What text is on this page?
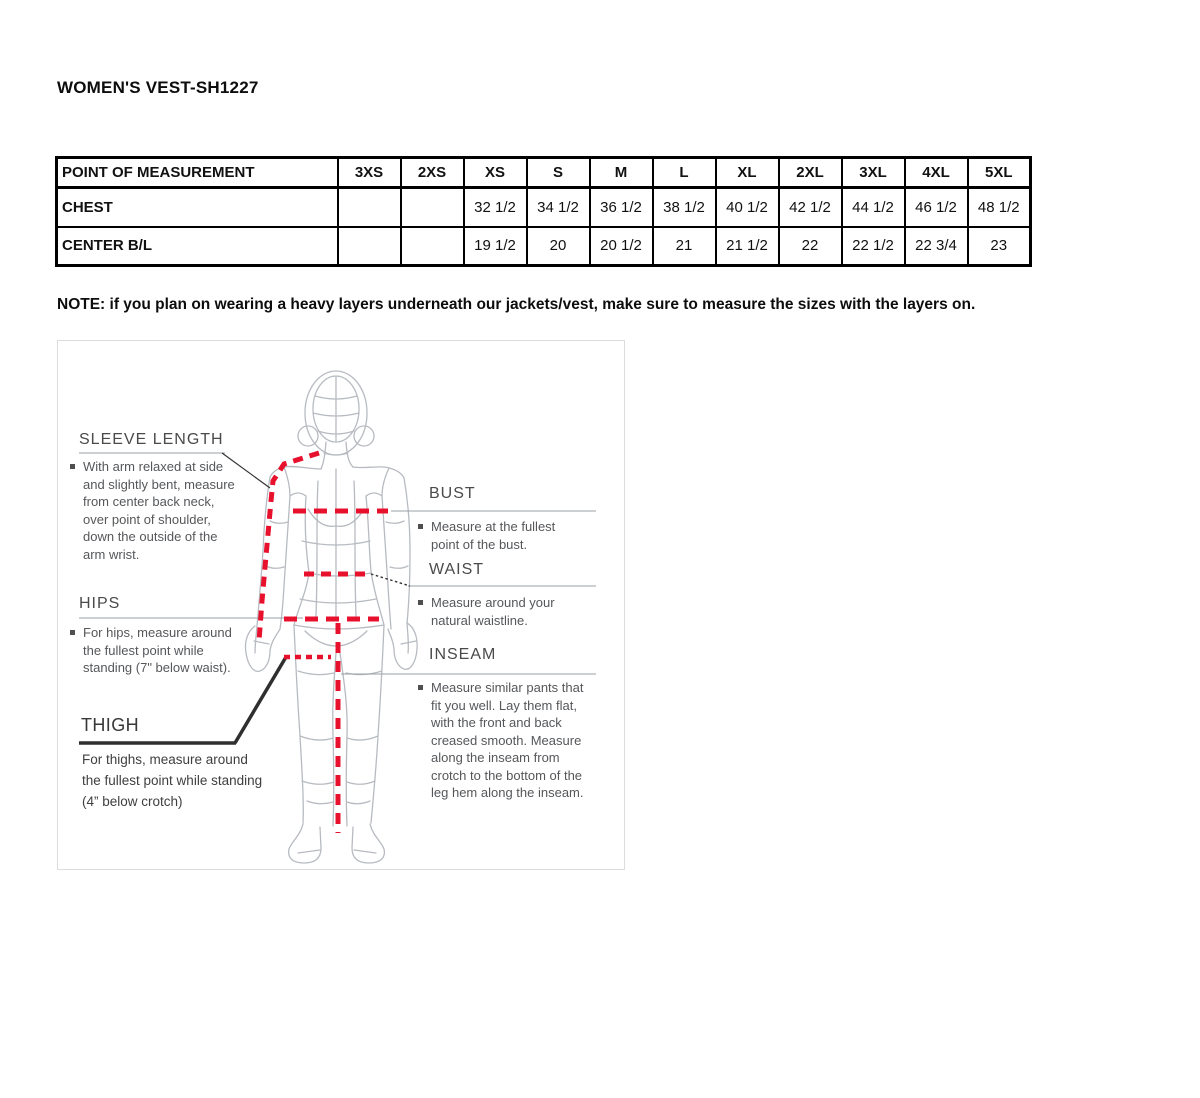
WOMEN'S VEST-SH1227
POINT OF MEASUREMENT	3XS	2XS	XS	S	M	L	XL	2XL	3XL	4XL	5XL
CHEST			32 1/2	34 1/2	36 1/2	38 1/2	40 1/2	42 1/2	44 1/2	46 1/2	48 1/2
CENTER B/L			19 1/2	20	20 1/2	21	21 1/2	22	22 1/2	22 3/4	23
NOTE: if you plan on wearing a heavy layers underneath our jackets/vest, make sure to measure the sizes with the layers on.
SLEEVE LENGTH
With arm relaxed at side and slightly bent, measure from center back neck, over point of shoulder, down the outside of the arm wrist.
HIPS
For hips, measure around the fullest point while standing (7" below waist).
THIGH
For thighs, measure around the fullest point while standing (4” below crotch)
BUST
Measure at the fullest point of the bust.
WAIST
Measure around your natural waistline.
INSEAM
Measure similar pants that fit you well. Lay them flat, with the front and back creased smooth. Measure along the inseam from crotch to the bottom of the leg hem along the inseam.
